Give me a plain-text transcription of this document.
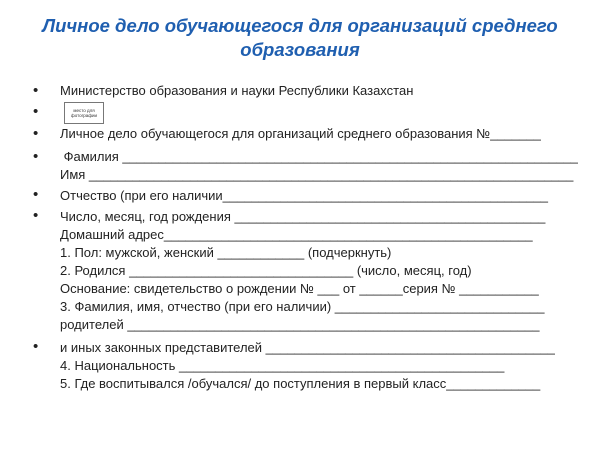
Личное дело обучающегося для организаций среднего
образования
•
•
•
•
•
•
•
место для
фотографии
Министерство образования и науки Республики Казахстан
Личное дело обучающегося для организаций среднего образования №_______
Фамилия _______________________________________________________________
Имя ___________________________________________________________________
Отчество (при его наличии_____________________________________________
Число, месяц, год рождения ___________________________________________
Домашний адрес___________________________________________________
1. Пол: мужской, женский ____________ (подчеркнуть)
2. Родился _______________________________ (число, месяц, год)
Основание: свидетельство о рождении № ___ от ______серия № ___________
3. Фамилия, имя, отчество (при его наличии) _____________________________
родителей _________________________________________________________
и иных законных представителей ________________________________________
4. Национальность _____________________________________________
5. Где воспитывался /обучался/ до поступления в первый класс_____________
